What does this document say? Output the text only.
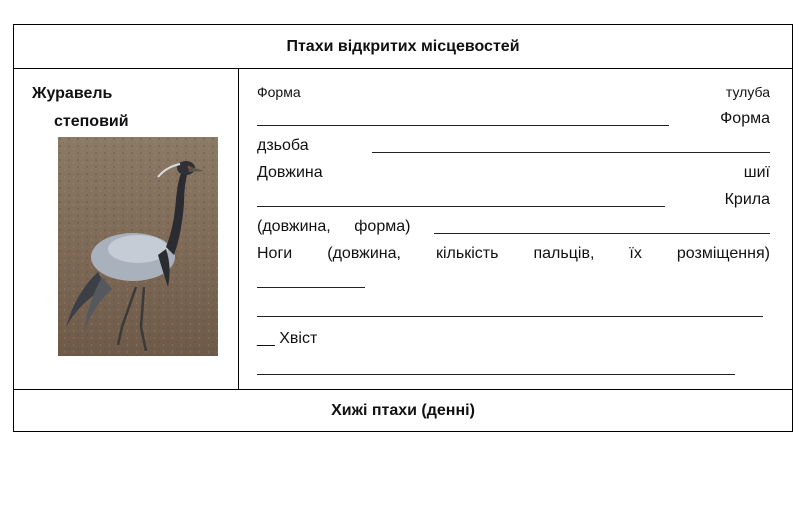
Птахи відкритих місцевостей
Журавель
степовий
Форма	тулуба
Форма
дзьоба
Довжина	шиї
Крила
(довжина, форма)
Ноги (довжина, кількість пальців, їх розміщення)
__ Хвіст
Хижі птахи (денні)
